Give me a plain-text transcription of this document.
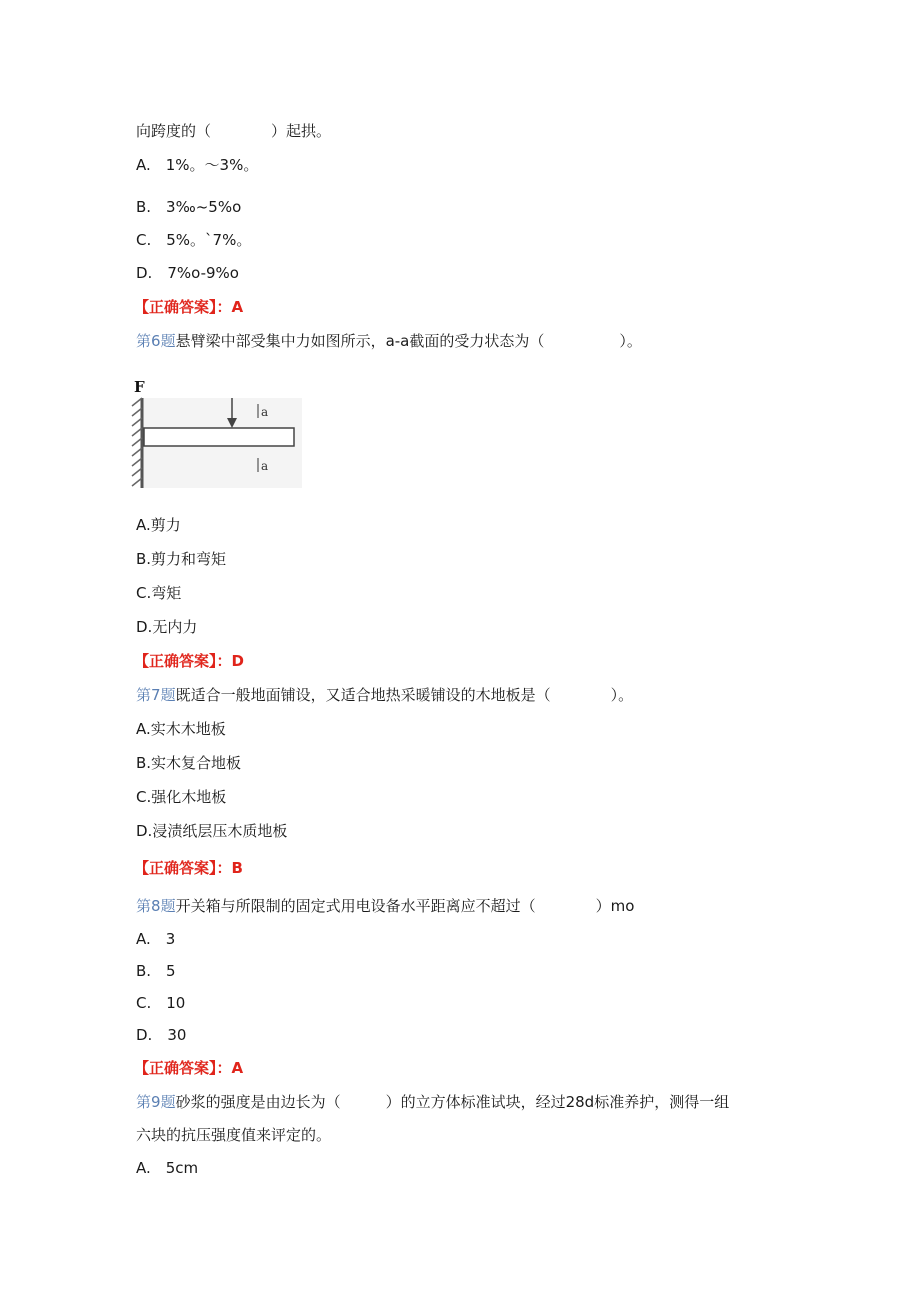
向跨度的（　　　　）起拱。
A.　1%。～3%。
B.　3‰~5%o
C.　5%。`7%。
D.　7%o-9%o
【正确答案】：A
第6题悬臂梁中部受集中力如图所示，a-a截面的受力状态为（　　　　　）。
F
a
a
A.剪力
B.剪力和弯矩
C.弯矩
D.无内力
【正确答案】：D
第7题既适合一般地面铺设，又适合地热采暖铺设的木地板是（　　　　）。
A.实木木地板
B.实木复合地板
C.强化木地板
D.浸渍纸层压木质地板
【正确答案】：B
第8题开关箱与所限制的固定式用电设备水平距离应不超过（　　　　）mo
A.　3
B.　5
C.　10
D.　30
【正确答案】：A
第9题砂浆的强度是由边长为（　　　）的立方体标准试块，经过28d标准养护，测得一组
六块的抗压强度值来评定的。
A.　5cm
